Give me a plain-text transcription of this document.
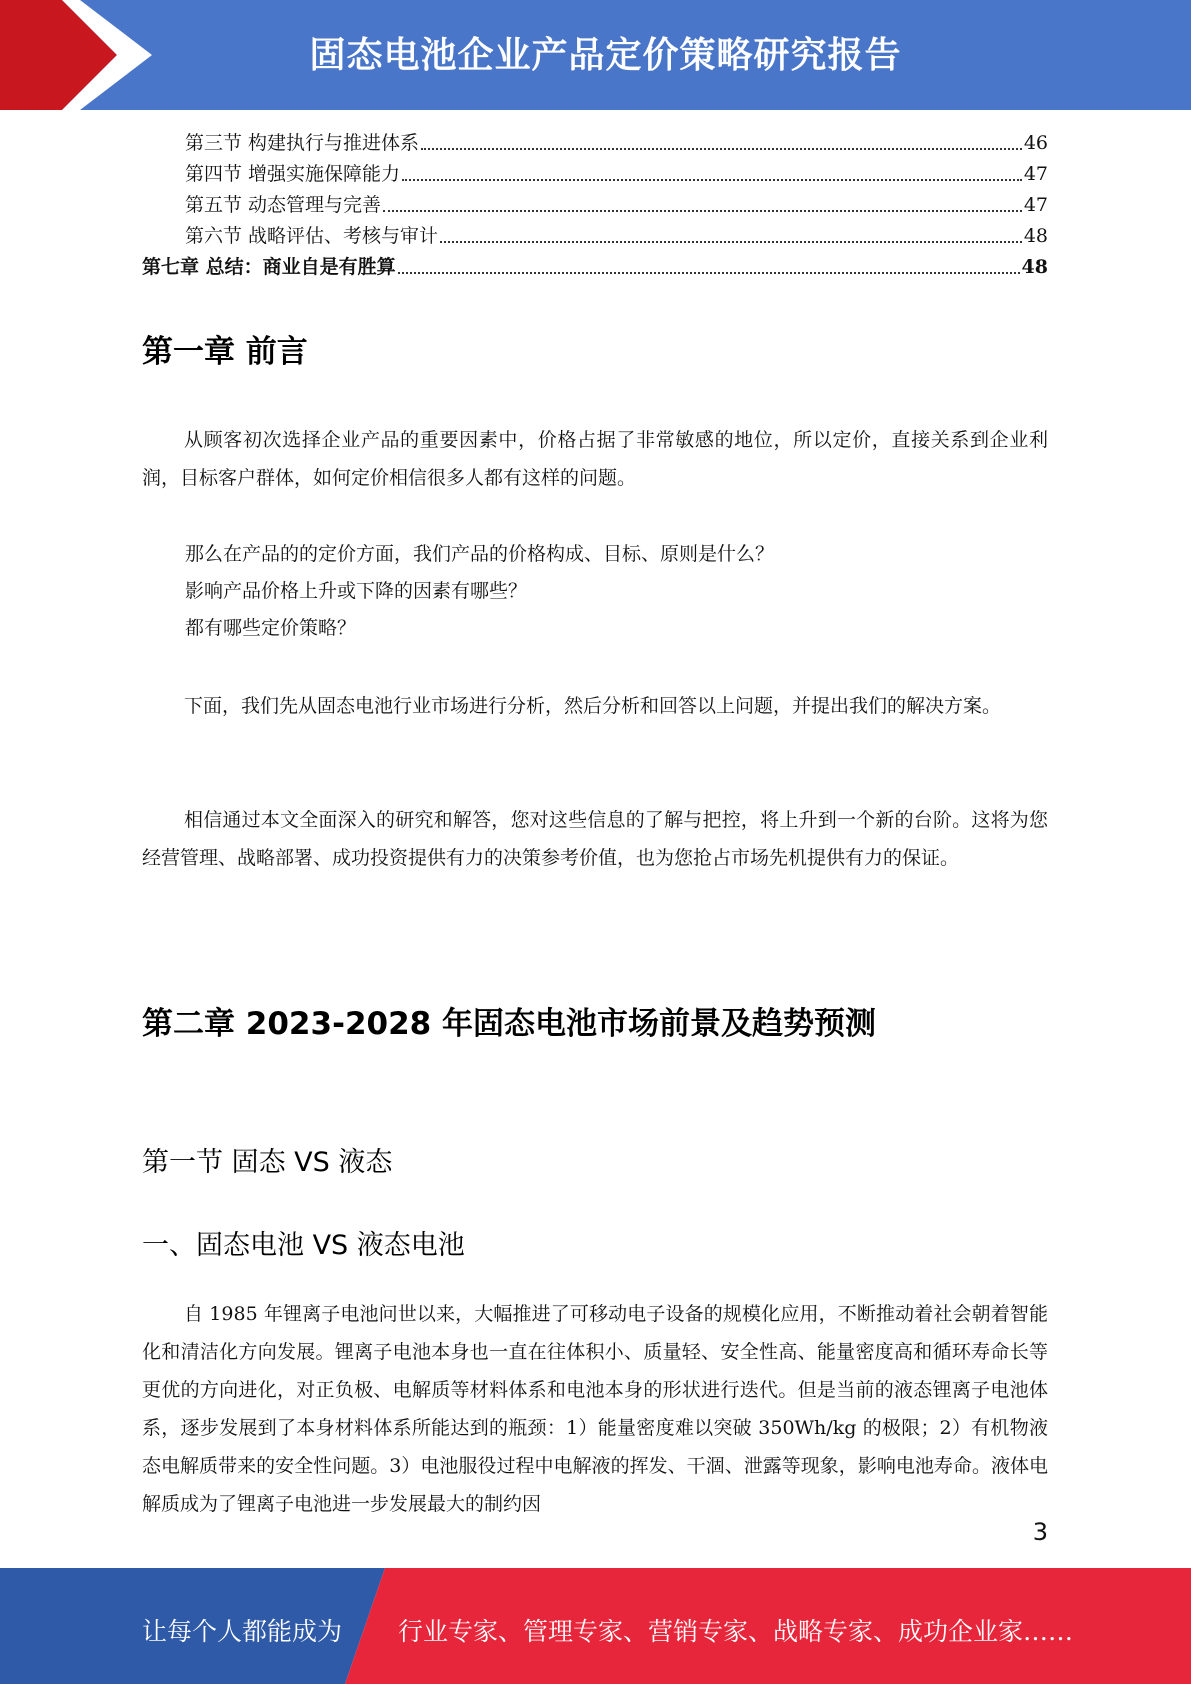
固态电池企业产品定价策略研究报告
第三节 构建执行与推进体系	46
第四节 增强实施保障能力	47
第五节 动态管理与完善	47
第六节 战略评估、考核与审计	48
第七章 总结：商业自是有胜算	48
第一章 前言

从顾客初次选择企业产品的重要因素中，价格占据了非常敏感的地位，所以定价，直接关系到企业利润，目标客户群体，如何定价相信很多人都有这样的问题。

那么在产品的的定价方面，我们产品的价格构成、目标、原则是什么？

影响产品价格上升或下降的因素有哪些？

都有哪些定价策略？

下面，我们先从固态电池行业市场进行分析，然后分析和回答以上问题，并提出我们的解决方案。

相信通过本文全面深入的研究和解答，您对这些信息的了解与把控，将上升到一个新的台阶。这将为您经营管理、战略部署、成功投资提供有力的决策参考价值，也为您抢占市场先机提供有力的保证。

第二章 2023-2028 年固态电池市场前景及趋势预测
第一节 固态 VS 液态
一、固态电池 VS 液态电池

自 1985 年锂离子电池问世以来，大幅推进了可移动电子设备的规模化应用，不断推动着社会朝着智能化和清洁化方向发展。锂离子电池本身也一直在往体积小、质量轻、安全性高、能量密度高和循环寿命长等更优的方向进化，对正负极、电解质等材料体系和电池本身的形状进行迭代。但是当前的液态锂离子电池体系，逐步发展到了本身材料体系所能达到的瓶颈：1）能量密度难以突破 350Wh/kg 的极限；2）有机物液态电解质带来的安全性问题。3）电池服役过程中电解液的挥发、干涸、泄露等现象，影响电池寿命。液体电解质成为了锂离子电池进一步发展最大的制约因

3
让每个人都能成为 行业专家、管理专家、营销专家、战略专家、成功企业家……
